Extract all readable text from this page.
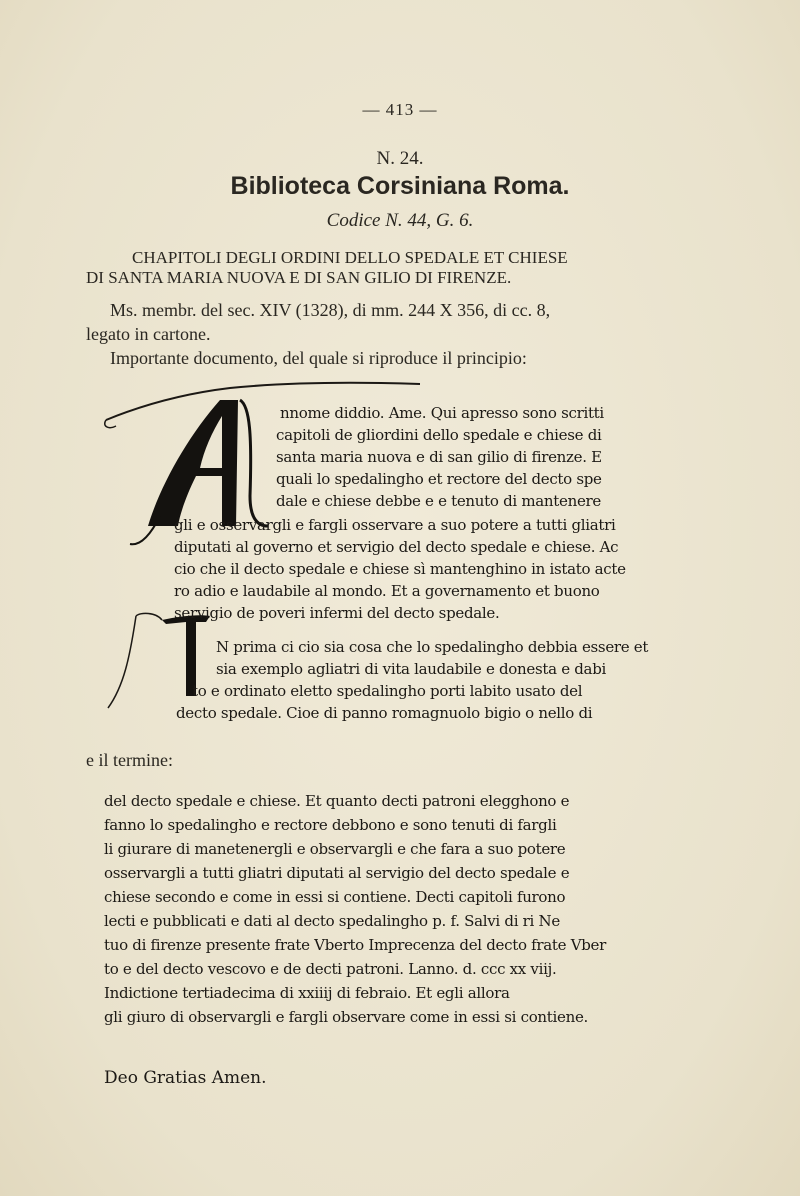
— 413 —
N. 24.
Biblioteca Corsiniana Roma.
Codice N. 44, G. 6.
CHAPITOLI DEGLI ORDINI DELLO SPEDALE ET CHIESE
DI SANTA MARIA NUOVA E DI SAN GILIO DI FIRENZE.
Ms. membr. del sec. XIV (1328), di mm. 244 X 356, di cc. 8,
legato in cartone.
Importante documento, del quale si riproduce il principio:
nnome diddio. Ame. Qui apresso sono scritti
capitoli de gliordini dello spedale e chiese di
santa maria nuova e di san gilio di firenze. E
quali lo spedalingho et rectore del decto spe
dale e chiese debbe e e tenuto di mantenere
gli e osservargli e fargli osservare a suo potere a tutti gliatri
diputati al governo et servigio del decto spedale e chiese. Ac
cio che il decto spedale e chiese sì mantenghino in istato acte
ro adio e laudabile al mondo. Et a governamento et buono
servigio de poveri infermi del decto spedale.
N prima ci cio sia cosa che lo spedalingho debbia essere et
sia exemplo agliatri di vita laudabile e donesta e dabi
to e ordinato eletto spedalingho porti labito usato del
decto spedale. Cioe di panno romagnuolo bigio o nello di
e il termine:
del decto spedale e chiese. Et quanto decti patroni elegghono e
fanno lo spedalingho e rectore debbono e sono tenuti di fargli
li giurare di manetenergli e observargli e che fara a suo potere
osservargli a tutti gliatri diputati al servigio del decto spedale e
chiese secondo e come in essi si contiene. Decti capitoli furono
lecti e pubblicati e dati al decto spedalingho p. f. Salvi di ri Ne
tuo di firenze presente frate Vberto Imprecenza del decto frate Vber
to e del decto vescovo e de decti patroni. Lanno. d. ccc xx viij.
Indictione tertiadecima di xxiiij di febraio. Et egli allora
gli giuro di observargli e fargli observare come in essi si contiene.
Deo Gratias Amen.
